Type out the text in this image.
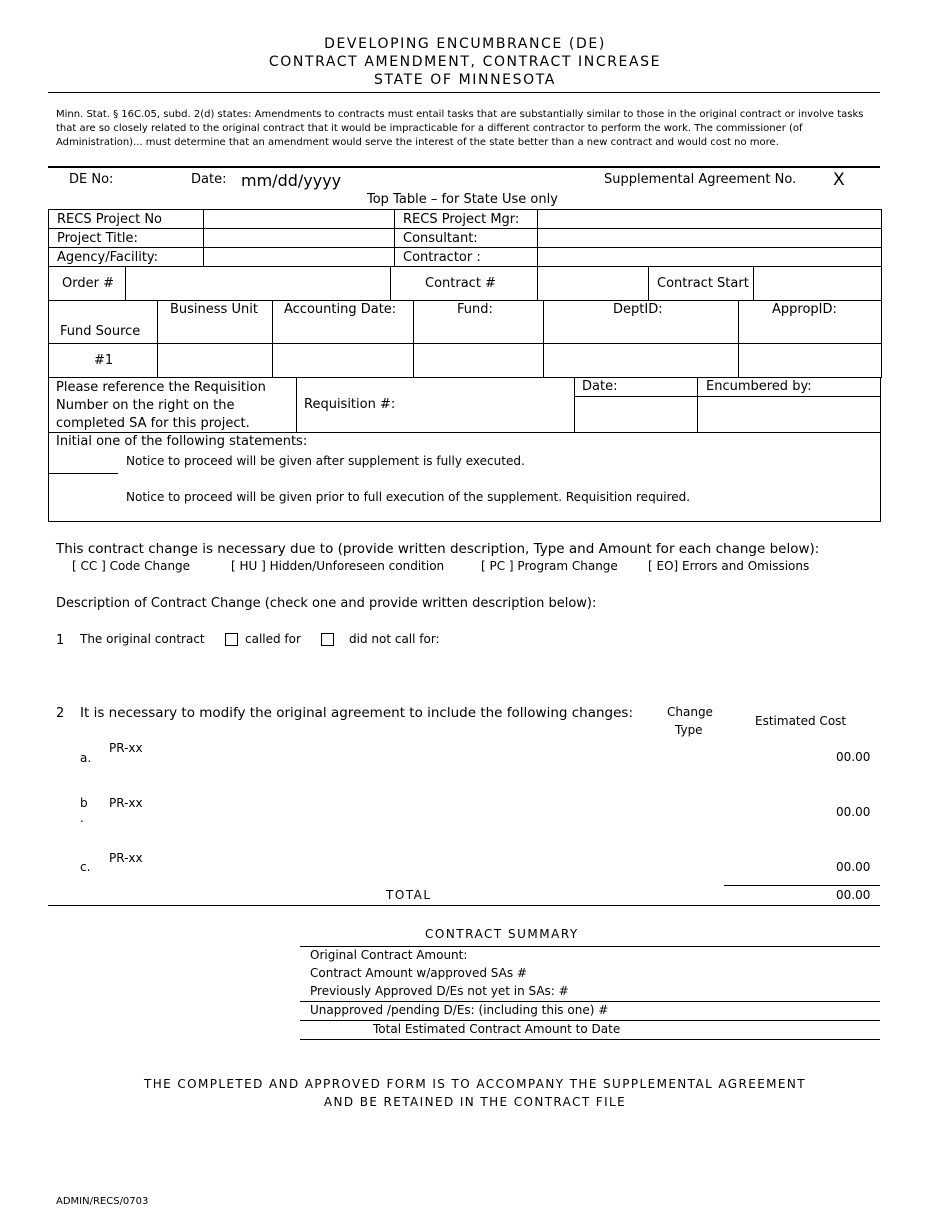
DEVELOPING ENCUMBRANCE (DE)
CONTRACT AMENDMENT, CONTRACT INCREASE
STATE OF MINNESOTA
Minn. Stat. § 16C.05, subd. 2(d) states: Amendments to contracts must entail tasks that are substantially similar to those in the original contract or involve tasks that are so closely related to the original contract that it would be impracticable for a different contractor to perform the work. The commissioner (of Administration)... must determine that an amendment would serve the interest of the state better than a new contract and would cost no more.
DE No:	Date: mm/dd/yyyy	Supplemental Agreement No. X
Top Table – for State Use only
RECS Project No		RECS Project Mgr:	
Project Title:		Consultant:	
Agency/Facility:		Contractor :	
Order #		Contract #		Contract Start	
Fund Source	Business Unit	Accounting Date:	Fund:	DeptID:	AppropID:
#1					
Please reference the Requisition
Number on the right on the
completed SA for this project.
Requisition #:
Date:	Encumbered by:
Initial one of the following statements:
Notice to proceed will be given after supplement is fully executed.
Notice to proceed will be given prior to full execution of the supplement. Requisition required.
This contract change is necessary due to (provide written description, Type and Amount for each change below):
[ CC ] Code Change	[ HU ] Hidden/Unforeseen condition	[ PC ] Program Change	[ EO] Errors and Omissions
Description of Contract Change (check one and provide written description below):
1 The original contract	called for	did not call for:
2 It is necessary to modify the original agreement to include the following changes:	Change
Type
Estimated Cost
a.
PR-xx
00.00
b
.
PR-xx
00.00
c.
PR-xx
00.00
TOTAL	00.00
CONTRACT SUMMARY
Original Contract Amount:
Contract Amount w/approved SAs #
Previously Approved D/Es not yet in SAs: #
Unapproved /pending D/Es: (including this one) #
Total Estimated Contract Amount to Date
THE COMPLETED AND APPROVED FORM IS TO ACCOMPANY THE SUPPLEMENTAL AGREEMENT
AND BE RETAINED IN THE CONTRACT FILE
ADMIN/RECS/0703
